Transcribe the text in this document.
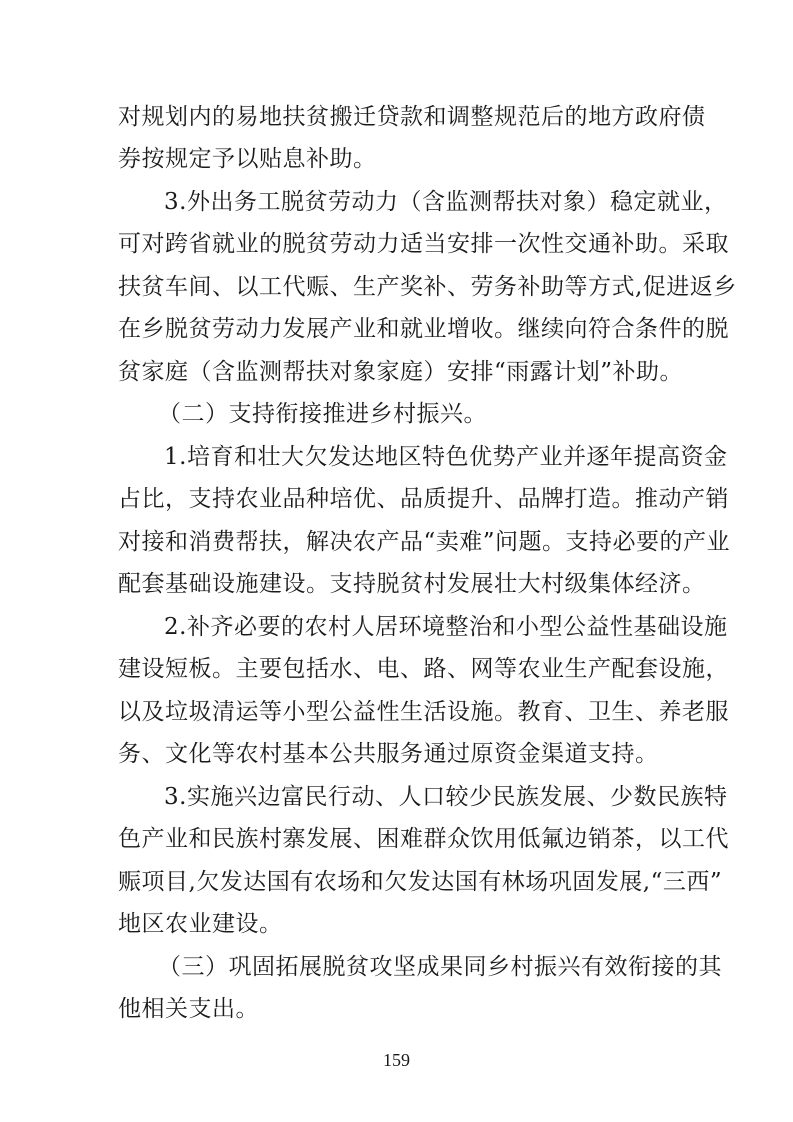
对规划内的易地扶贫搬迁贷款和调整规范后的地方政府债
券按规定予以贴息补助。
3.外出务工脱贫劳动力（含监测帮扶对象）稳定就业，
可对跨省就业的脱贫劳动力适当安排一次性交通补助。采取
扶贫车间、以工代赈、生产奖补、劳务补助等方式,促进返乡
在乡脱贫劳动力发展产业和就业增收。继续向符合条件的脱
贫家庭（含监测帮扶对象家庭）安排“雨露计划”补助。
（二）支持衔接推进乡村振兴。
1.培育和壮大欠发达地区特色优势产业并逐年提高资金
占比，支持农业品种培优、品质提升、品牌打造。推动产销
对接和消费帮扶，解决农产品“卖难”问题。支持必要的产业
配套基础设施建设。支持脱贫村发展壮大村级集体经济。
2.补齐必要的农村人居环境整治和小型公益性基础设施
建设短板。主要包括水、电、路、网等农业生产配套设施，
以及垃圾清运等小型公益性生活设施。教育、卫生、养老服
务、文化等农村基本公共服务通过原资金渠道支持。
3.实施兴边富民行动、人口较少民族发展、少数民族特
色产业和民族村寨发展、困难群众饮用低氟边销茶，以工代
赈项目,欠发达国有农场和欠发达国有林场巩固发展,“三西”
地区农业建设。
（三）巩固拓展脱贫攻坚成果同乡村振兴有效衔接的其
他相关支出。
159
